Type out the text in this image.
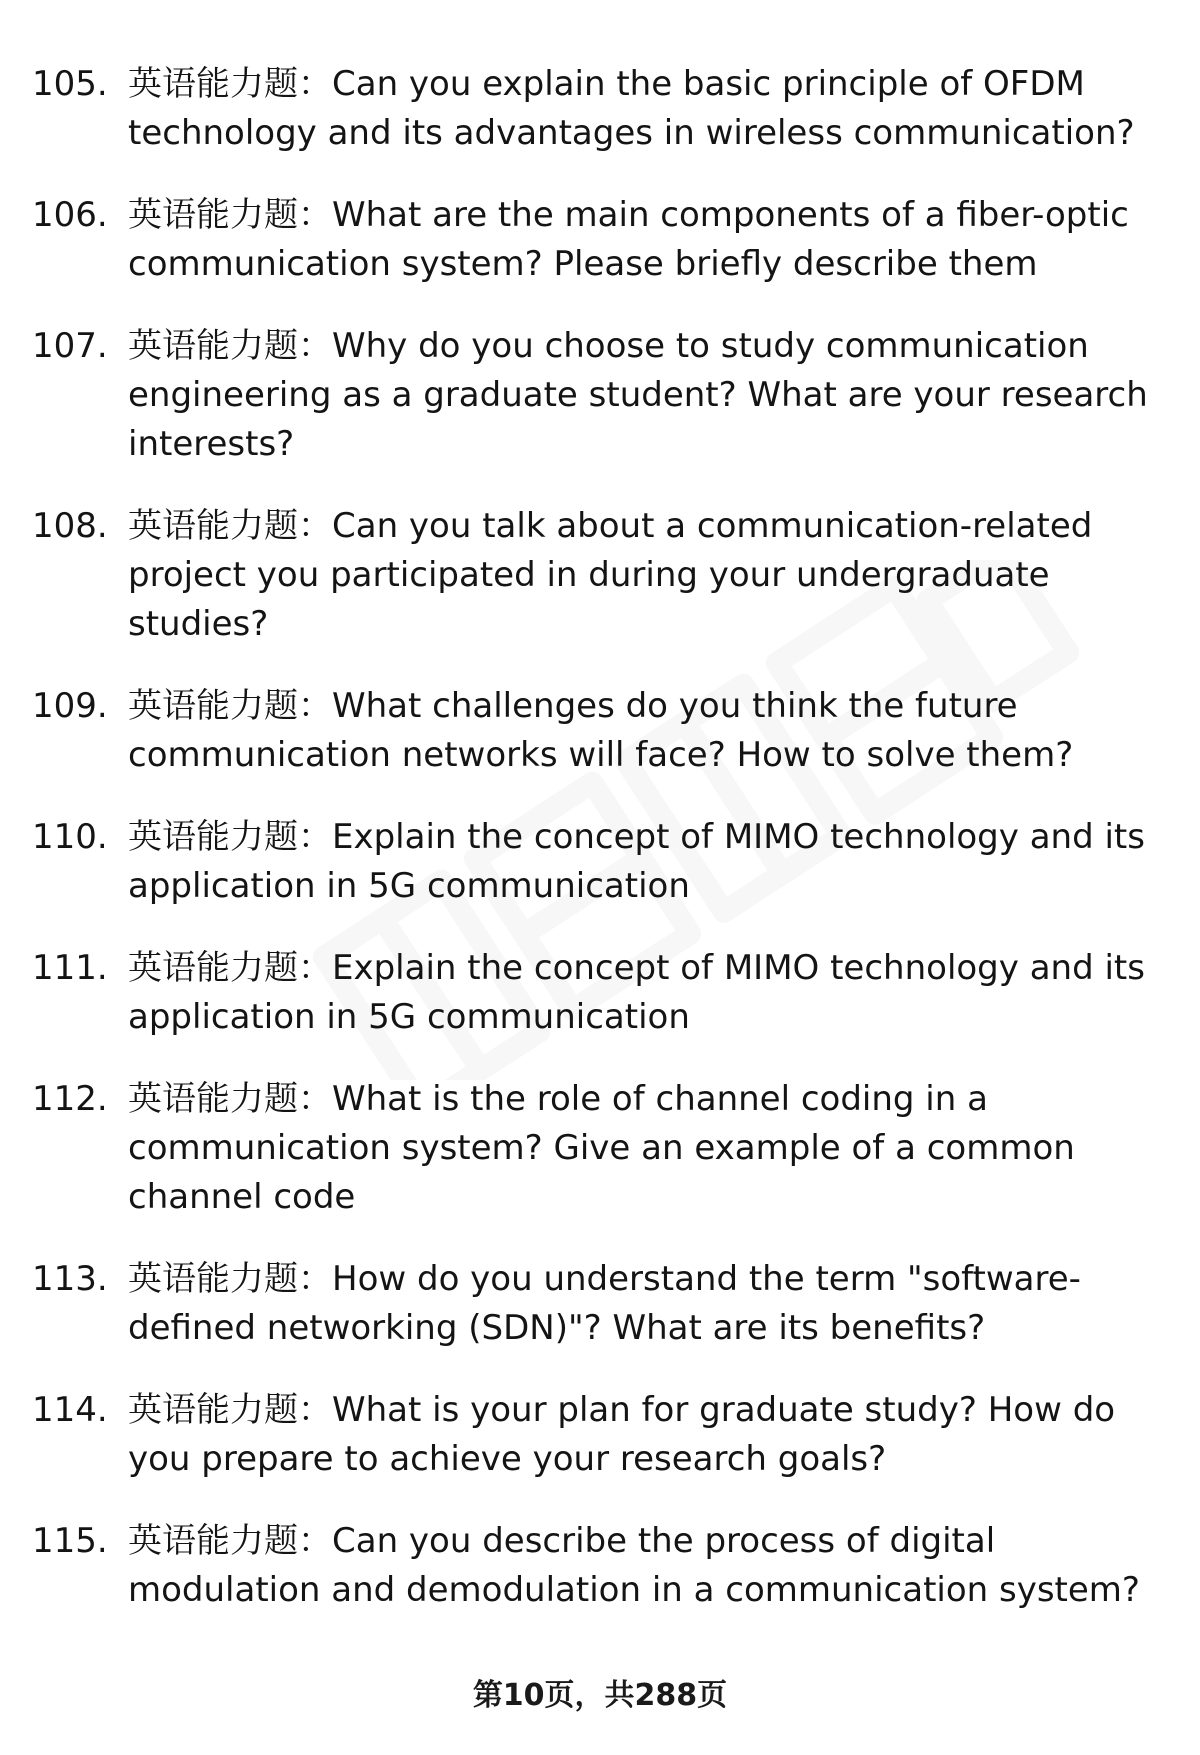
105. 英语能力题：Can you explain the basic principle of OFDM technology and its advantages in wireless communication?
106. 英语能力题：What are the main components of a fiber-optic communication system? Please briefly describe them
107. 英语能力题：Why do you choose to study communication engineering as a graduate student? What are your research interests?
108. 英语能力题：Can you talk about a communication-related project you participated in during your undergraduate studies?
109. 英语能力题：What challenges do you think the future communication networks will face? How to solve them?
110. 英语能力题：Explain the concept of MIMO technology and its application in 5G communication
111. 英语能力题：Explain the concept of MIMO technology and its application in 5G communication
112. 英语能力题：What is the role of channel coding in a communication system? Give an example of a common channel code
113. 英语能力题：How do you understand the term "software-defined networking (SDN)"? What are its benefits?
114. 英语能力题：What is your plan for graduate study? How do you prepare to achieve your research goals?
115. 英语能力题：Can you describe the process of digital modulation and demodulation in a communication system?
第10页，共288页
